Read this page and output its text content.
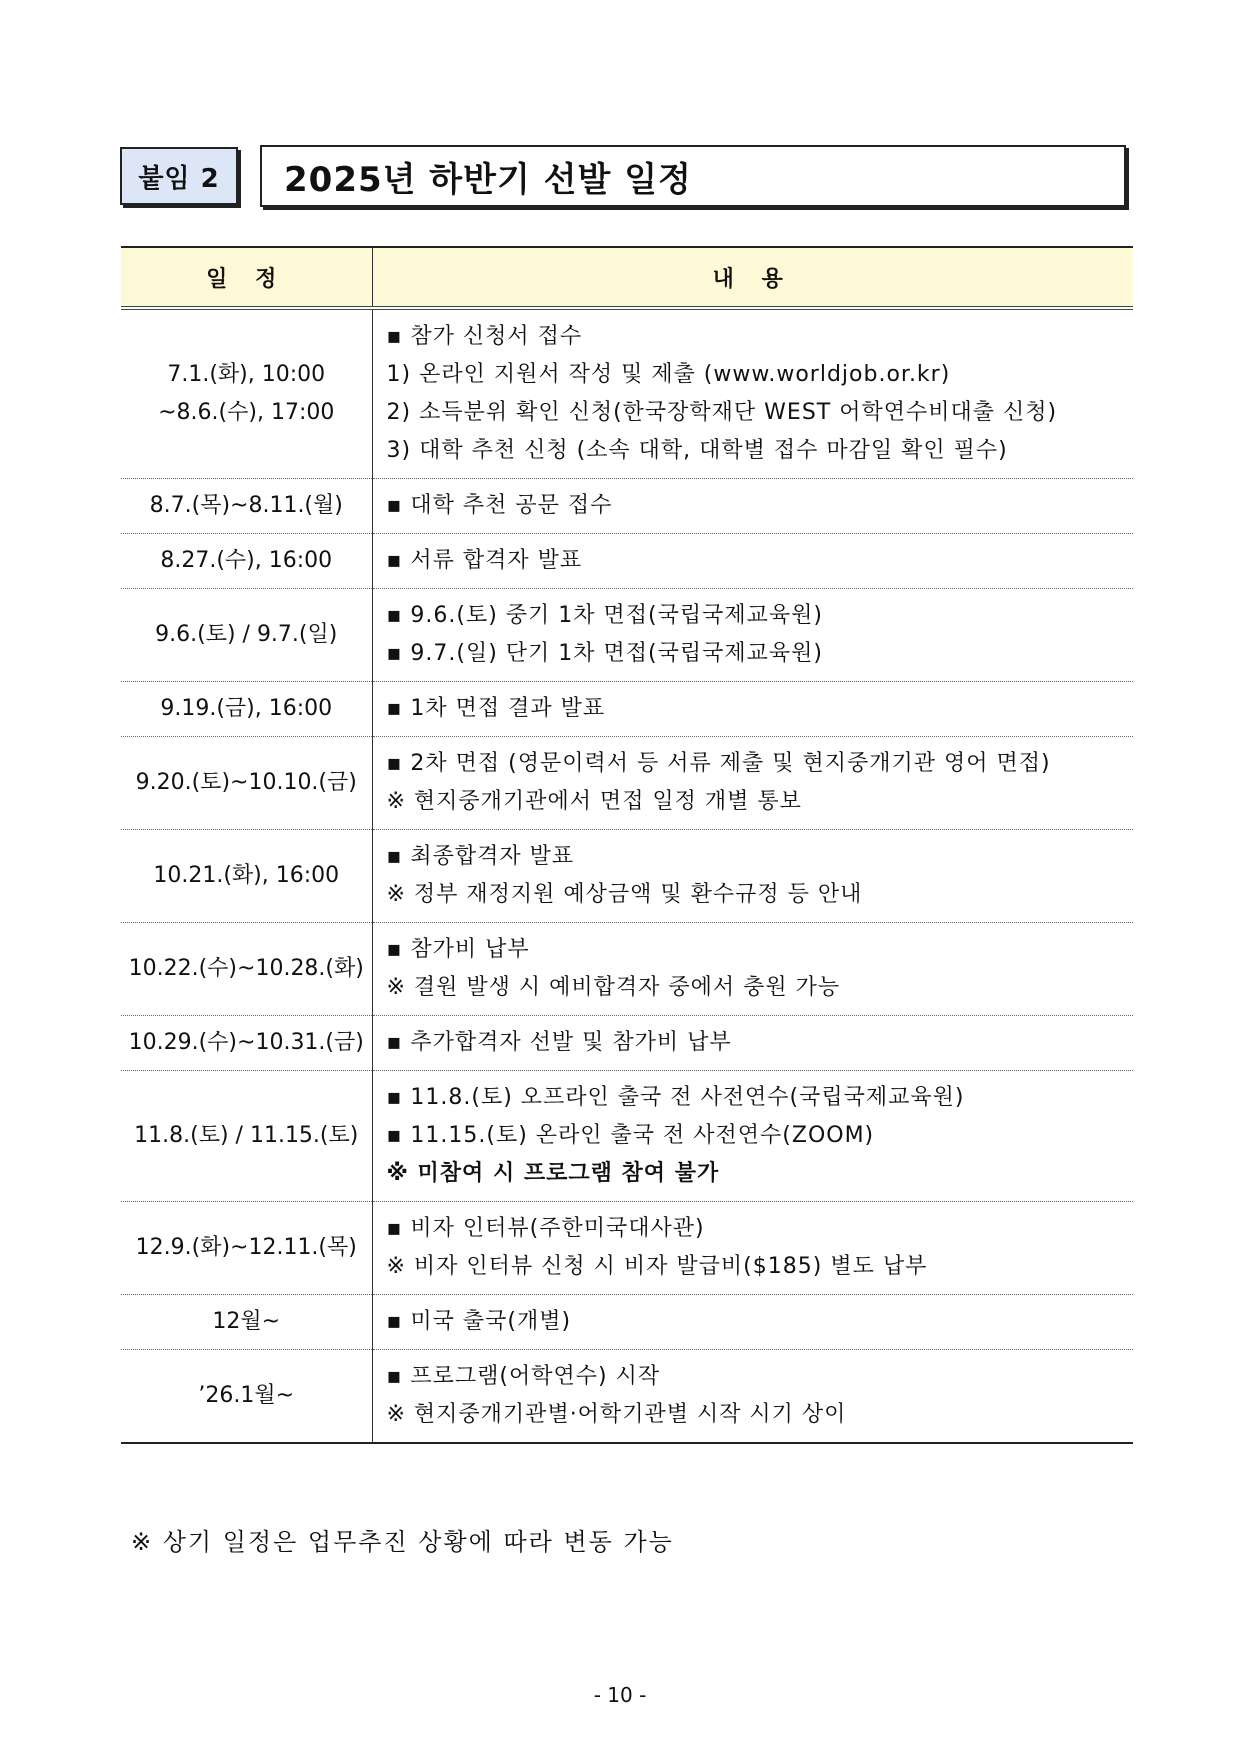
붙임 2 2025년 하반기 선발 일정
일 정	내 용

7.1.(화), 10:00
~8.6.(수), 17:00	▪ 참가 신청서 접수
1) 온라인 지원서 작성 및 제출 (www.worldjob.or.kr)
2) 소득분위 확인 신청(한국장학재단 WEST 어학연수비대출 신청)
3) 대학 추천 신청 (소속 대학, 대학별 접수 마감일 확인 필수)

8.7.(목)~8.11.(월)	▪ 대학 추천 공문 접수

8.27.(수), 16:00	▪ 서류 합격자 발표

9.6.(토) / 9.7.(일)	▪ 9.6.(토) 중기 1차 면접(국립국제교육원)
▪ 9.7.(일) 단기 1차 면접(국립국제교육원)

9.19.(금), 16:00	▪ 1차 면접 결과 발표

9.20.(토)~10.10.(금)	▪ 2차 면접 (영문이력서 등 서류 제출 및 현지중개기관 영어 면접)
※ 현지중개기관에서 면접 일정 개별 통보

10.21.(화), 16:00	▪ 최종합격자 발표
※ 정부 재정지원 예상금액 및 환수규정 등 안내

10.22.(수)~10.28.(화)	▪ 참가비 납부
※ 결원 발생 시 예비합격자 중에서 충원 가능

10.29.(수)~10.31.(금)	▪ 추가합격자 선발 및 참가비 납부

11.8.(토) / 11.15.(토)	▪ 11.8.(토) 오프라인 출국 전 사전연수(국립국제교육원)
▪ 11.15.(토) 온라인 출국 전 사전연수(ZOOM)
※ 미참여 시 프로그램 참여 불가

12.9.(화)~12.11.(목)	▪ 비자 인터뷰(주한미국대사관)
※ 비자 인터뷰 신청 시 비자 발급비($185) 별도 납부

12월~	▪ 미국 출국(개별)

’26.1월~	▪ 프로그램(어학연수) 시작
※ 현지중개기관별·어학기관별 시작 시기 상이
※ 상기 일정은 업무추진 상황에 따라 변동 가능
- 10 -
